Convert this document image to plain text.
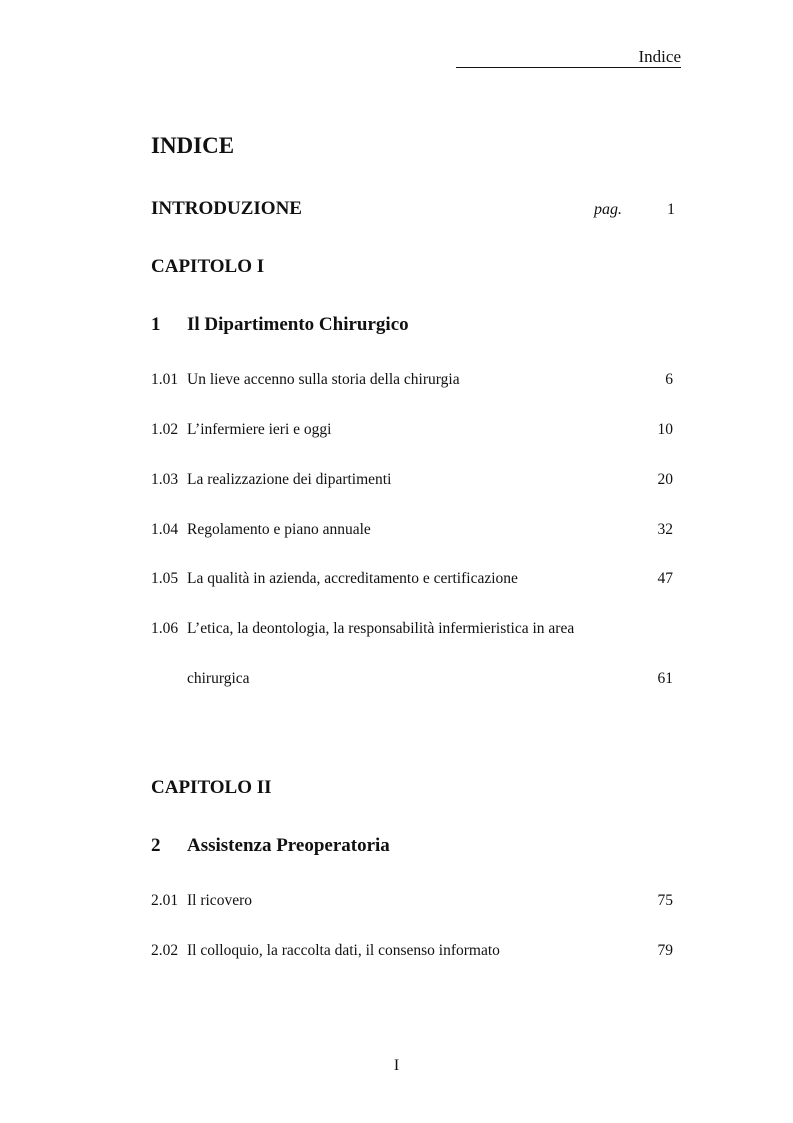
Indice
INDICE
INTRODUZIONE	pag.	1
CAPITOLO I
1 Il Dipartimento Chirurgico
1.01 Un lieve accenno sulla storia della chirurgia	6
1.02 L’infermiere ieri e oggi	10
1.03 La realizzazione dei dipartimenti	20
1.04 Regolamento e piano annuale	32
1.05 La qualità in azienda, accreditamento e certificazione	47
1.06 L’etica, la deontologia, la responsabilità infermieristica in area
chirurgica	61
CAPITOLO II
2 Assistenza Preoperatoria
2.01 Il ricovero	75
2.02 Il colloquio, la raccolta dati, il consenso informato	79
I
